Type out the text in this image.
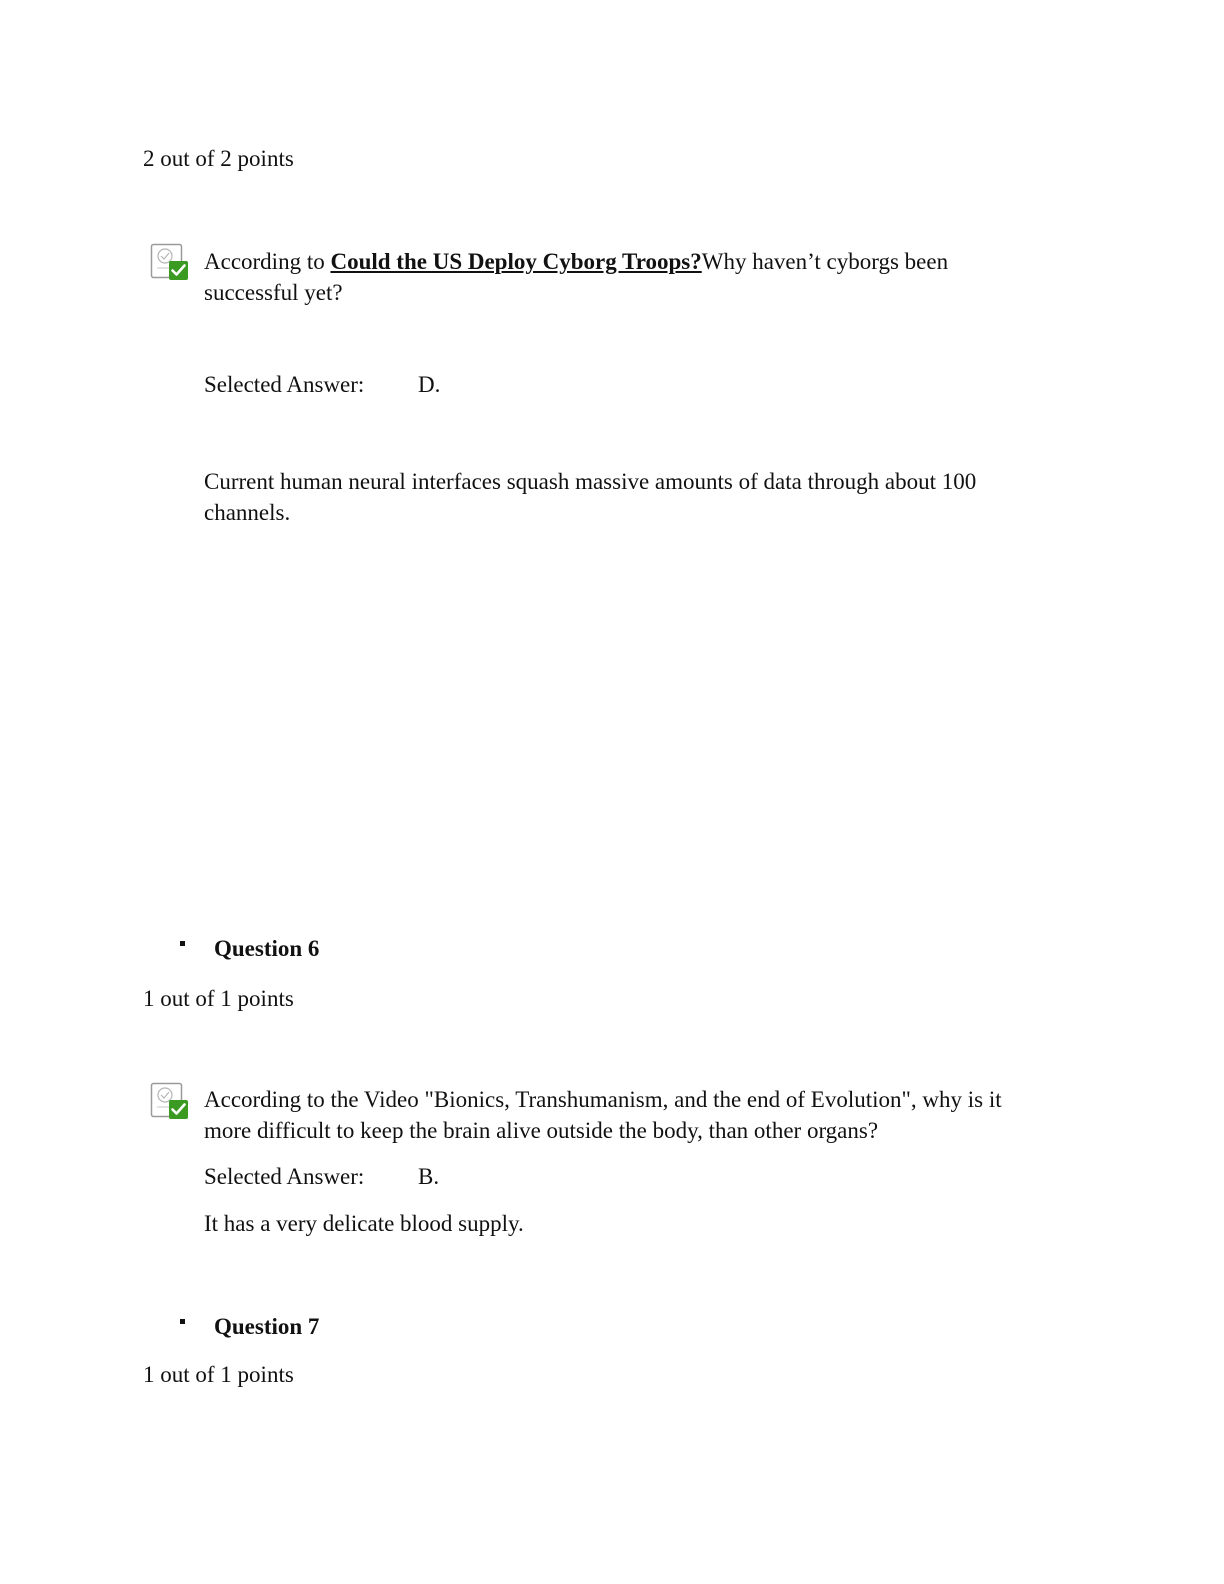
2 out of 2 points
According to Could the US Deploy Cyborg Troops?Why haven’t cyborgs been successful yet?
Selected Answer: D.
Current human neural interfaces squash massive amounts of data through about 100 channels.
Question 6
1 out of 1 points
According to the Video "Bionics, Transhumanism, and the end of Evolution", why is it more difficult to keep the brain alive outside the body, than other organs?
Selected Answer: B.
It has a very delicate blood supply.
Question 7
1 out of 1 points
